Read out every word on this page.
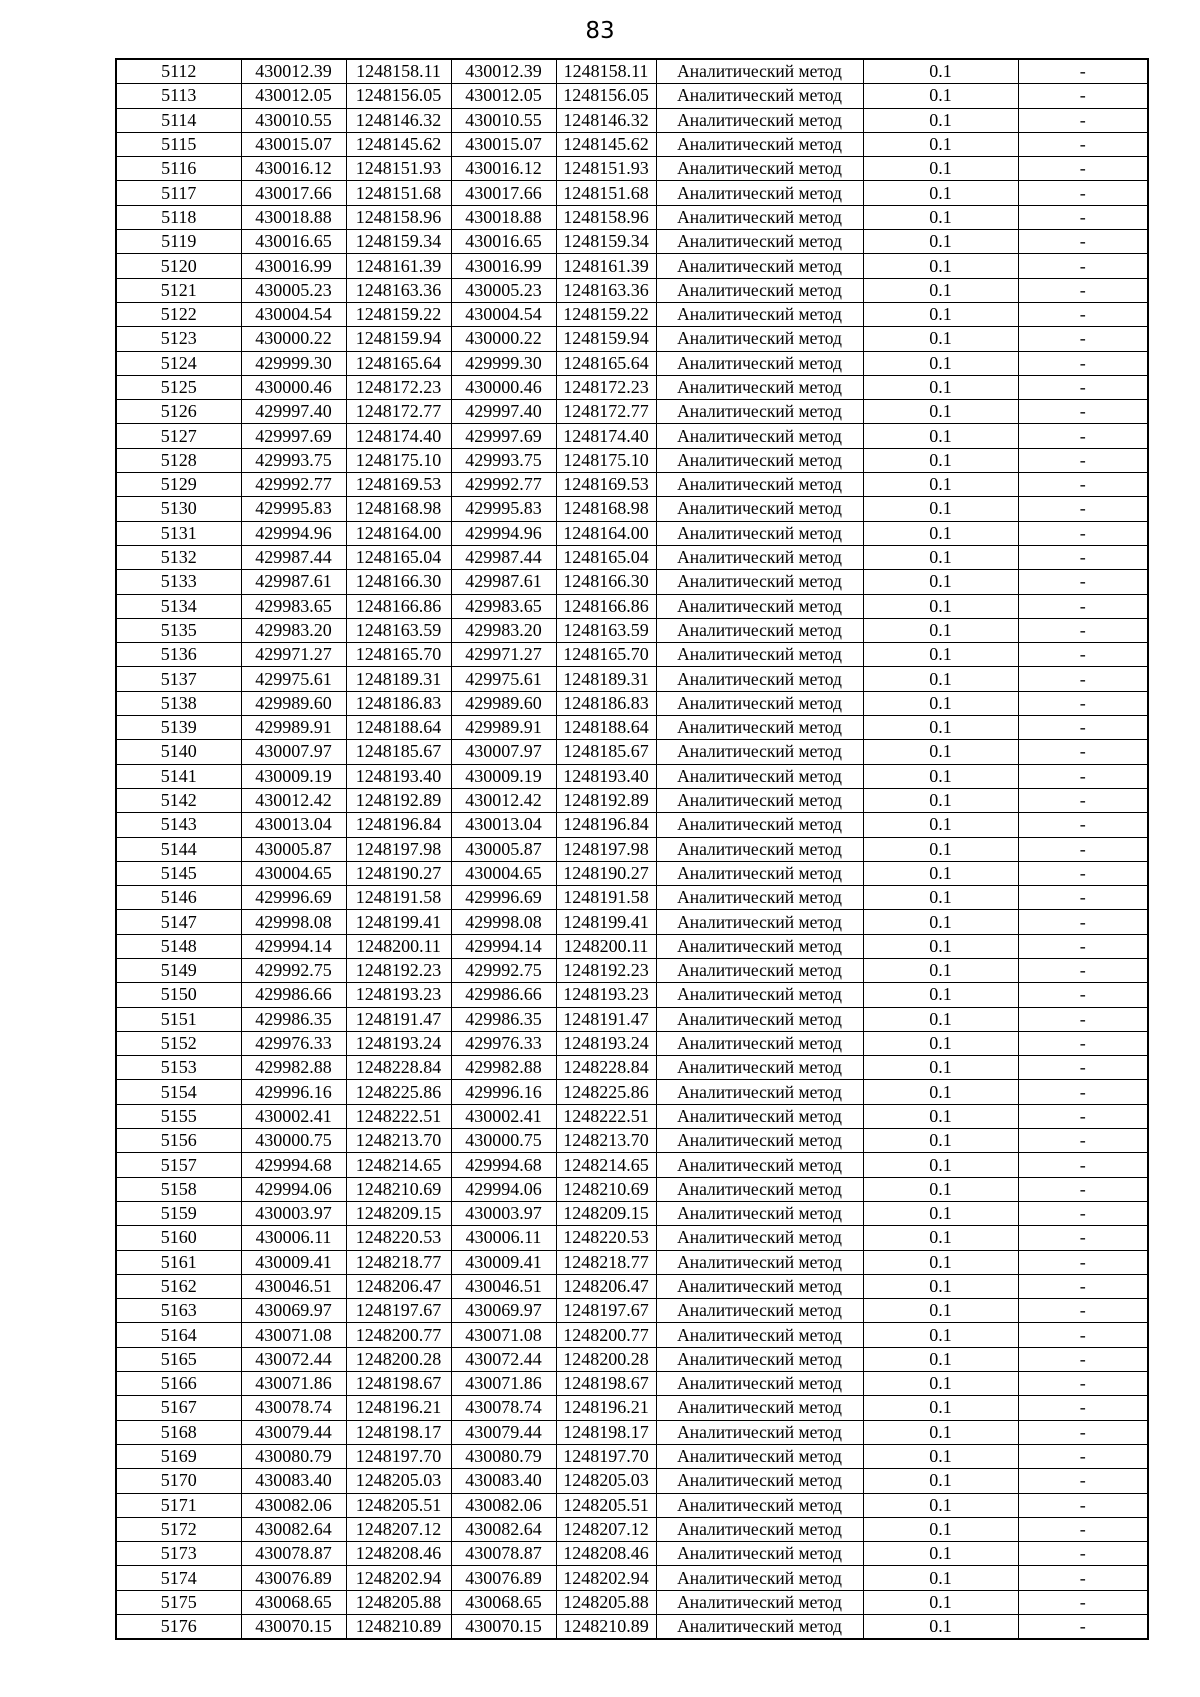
83
5112	430012.39	1248158.11	430012.39	1248158.11	Аналитический метод	0.1	-
5113	430012.05	1248156.05	430012.05	1248156.05	Аналитический метод	0.1	-
5114	430010.55	1248146.32	430010.55	1248146.32	Аналитический метод	0.1	-
5115	430015.07	1248145.62	430015.07	1248145.62	Аналитический метод	0.1	-
5116	430016.12	1248151.93	430016.12	1248151.93	Аналитический метод	0.1	-
5117	430017.66	1248151.68	430017.66	1248151.68	Аналитический метод	0.1	-
5118	430018.88	1248158.96	430018.88	1248158.96	Аналитический метод	0.1	-
5119	430016.65	1248159.34	430016.65	1248159.34	Аналитический метод	0.1	-
5120	430016.99	1248161.39	430016.99	1248161.39	Аналитический метод	0.1	-
5121	430005.23	1248163.36	430005.23	1248163.36	Аналитический метод	0.1	-
5122	430004.54	1248159.22	430004.54	1248159.22	Аналитический метод	0.1	-
5123	430000.22	1248159.94	430000.22	1248159.94	Аналитический метод	0.1	-
5124	429999.30	1248165.64	429999.30	1248165.64	Аналитический метод	0.1	-
5125	430000.46	1248172.23	430000.46	1248172.23	Аналитический метод	0.1	-
5126	429997.40	1248172.77	429997.40	1248172.77	Аналитический метод	0.1	-
5127	429997.69	1248174.40	429997.69	1248174.40	Аналитический метод	0.1	-
5128	429993.75	1248175.10	429993.75	1248175.10	Аналитический метод	0.1	-
5129	429992.77	1248169.53	429992.77	1248169.53	Аналитический метод	0.1	-
5130	429995.83	1248168.98	429995.83	1248168.98	Аналитический метод	0.1	-
5131	429994.96	1248164.00	429994.96	1248164.00	Аналитический метод	0.1	-
5132	429987.44	1248165.04	429987.44	1248165.04	Аналитический метод	0.1	-
5133	429987.61	1248166.30	429987.61	1248166.30	Аналитический метод	0.1	-
5134	429983.65	1248166.86	429983.65	1248166.86	Аналитический метод	0.1	-
5135	429983.20	1248163.59	429983.20	1248163.59	Аналитический метод	0.1	-
5136	429971.27	1248165.70	429971.27	1248165.70	Аналитический метод	0.1	-
5137	429975.61	1248189.31	429975.61	1248189.31	Аналитический метод	0.1	-
5138	429989.60	1248186.83	429989.60	1248186.83	Аналитический метод	0.1	-
5139	429989.91	1248188.64	429989.91	1248188.64	Аналитический метод	0.1	-
5140	430007.97	1248185.67	430007.97	1248185.67	Аналитический метод	0.1	-
5141	430009.19	1248193.40	430009.19	1248193.40	Аналитический метод	0.1	-
5142	430012.42	1248192.89	430012.42	1248192.89	Аналитический метод	0.1	-
5143	430013.04	1248196.84	430013.04	1248196.84	Аналитический метод	0.1	-
5144	430005.87	1248197.98	430005.87	1248197.98	Аналитический метод	0.1	-
5145	430004.65	1248190.27	430004.65	1248190.27	Аналитический метод	0.1	-
5146	429996.69	1248191.58	429996.69	1248191.58	Аналитический метод	0.1	-
5147	429998.08	1248199.41	429998.08	1248199.41	Аналитический метод	0.1	-
5148	429994.14	1248200.11	429994.14	1248200.11	Аналитический метод	0.1	-
5149	429992.75	1248192.23	429992.75	1248192.23	Аналитический метод	0.1	-
5150	429986.66	1248193.23	429986.66	1248193.23	Аналитический метод	0.1	-
5151	429986.35	1248191.47	429986.35	1248191.47	Аналитический метод	0.1	-
5152	429976.33	1248193.24	429976.33	1248193.24	Аналитический метод	0.1	-
5153	429982.88	1248228.84	429982.88	1248228.84	Аналитический метод	0.1	-
5154	429996.16	1248225.86	429996.16	1248225.86	Аналитический метод	0.1	-
5155	430002.41	1248222.51	430002.41	1248222.51	Аналитический метод	0.1	-
5156	430000.75	1248213.70	430000.75	1248213.70	Аналитический метод	0.1	-
5157	429994.68	1248214.65	429994.68	1248214.65	Аналитический метод	0.1	-
5158	429994.06	1248210.69	429994.06	1248210.69	Аналитический метод	0.1	-
5159	430003.97	1248209.15	430003.97	1248209.15	Аналитический метод	0.1	-
5160	430006.11	1248220.53	430006.11	1248220.53	Аналитический метод	0.1	-
5161	430009.41	1248218.77	430009.41	1248218.77	Аналитический метод	0.1	-
5162	430046.51	1248206.47	430046.51	1248206.47	Аналитический метод	0.1	-
5163	430069.97	1248197.67	430069.97	1248197.67	Аналитический метод	0.1	-
5164	430071.08	1248200.77	430071.08	1248200.77	Аналитический метод	0.1	-
5165	430072.44	1248200.28	430072.44	1248200.28	Аналитический метод	0.1	-
5166	430071.86	1248198.67	430071.86	1248198.67	Аналитический метод	0.1	-
5167	430078.74	1248196.21	430078.74	1248196.21	Аналитический метод	0.1	-
5168	430079.44	1248198.17	430079.44	1248198.17	Аналитический метод	0.1	-
5169	430080.79	1248197.70	430080.79	1248197.70	Аналитический метод	0.1	-
5170	430083.40	1248205.03	430083.40	1248205.03	Аналитический метод	0.1	-
5171	430082.06	1248205.51	430082.06	1248205.51	Аналитический метод	0.1	-
5172	430082.64	1248207.12	430082.64	1248207.12	Аналитический метод	0.1	-
5173	430078.87	1248208.46	430078.87	1248208.46	Аналитический метод	0.1	-
5174	430076.89	1248202.94	430076.89	1248202.94	Аналитический метод	0.1	-
5175	430068.65	1248205.88	430068.65	1248205.88	Аналитический метод	0.1	-
5176	430070.15	1248210.89	430070.15	1248210.89	Аналитический метод	0.1	-
